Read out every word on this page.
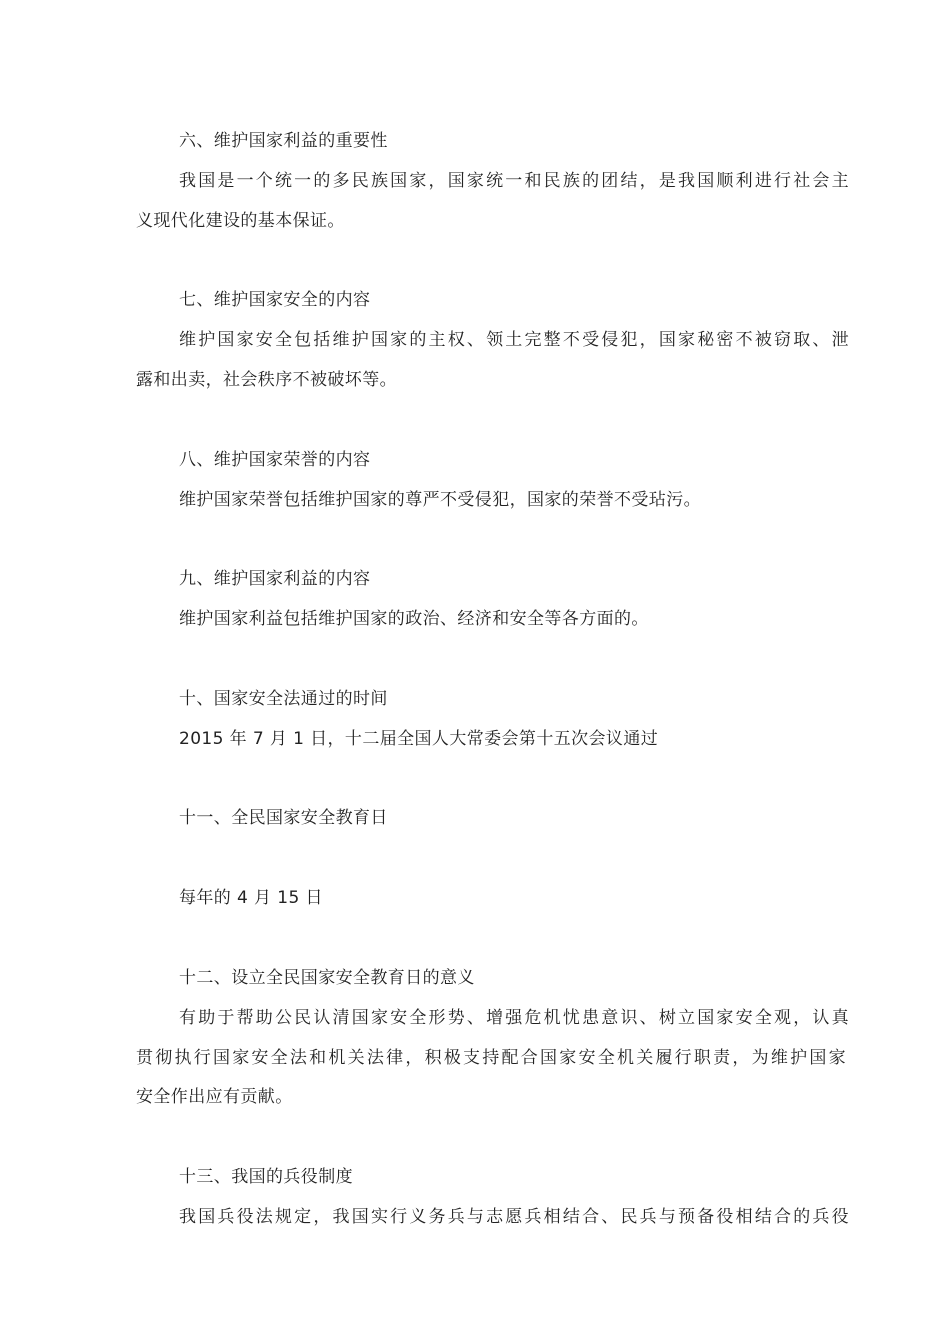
六、维护国家利益的重要性
我国是一个统一的多民族国家，国家统一和民族的团结，是我国顺利进行社会主
义现代化建设的基本保证。
七、维护国家安全的内容
维护国家安全包括维护国家的主权、领土完整不受侵犯，国家秘密不被窃取、泄
露和出卖，社会秩序不被破坏等。
八、维护国家荣誉的内容
维护国家荣誉包括维护国家的尊严不受侵犯，国家的荣誉不受玷污。
九、维护国家利益的内容
维护国家利益包括维护国家的政治、经济和安全等各方面的。
十、国家安全法通过的时间
2015 年 7 月 1 日，十二届全国人大常委会第十五次会议通过
十一、全民国家安全教育日
每年的 4 月 15 日
十二、设立全民国家安全教育日的意义
有助于帮助公民认清国家安全形势、增强危机忧患意识、树立国家安全观，认真
贯彻执行国家安全法和机关法律，积极支持配合国家安全机关履行职责，为维护国家
安全作出应有贡献。
十三、我国的兵役制度
我国兵役法规定，我国实行义务兵与志愿兵相结合、民兵与预备役相结合的兵役
